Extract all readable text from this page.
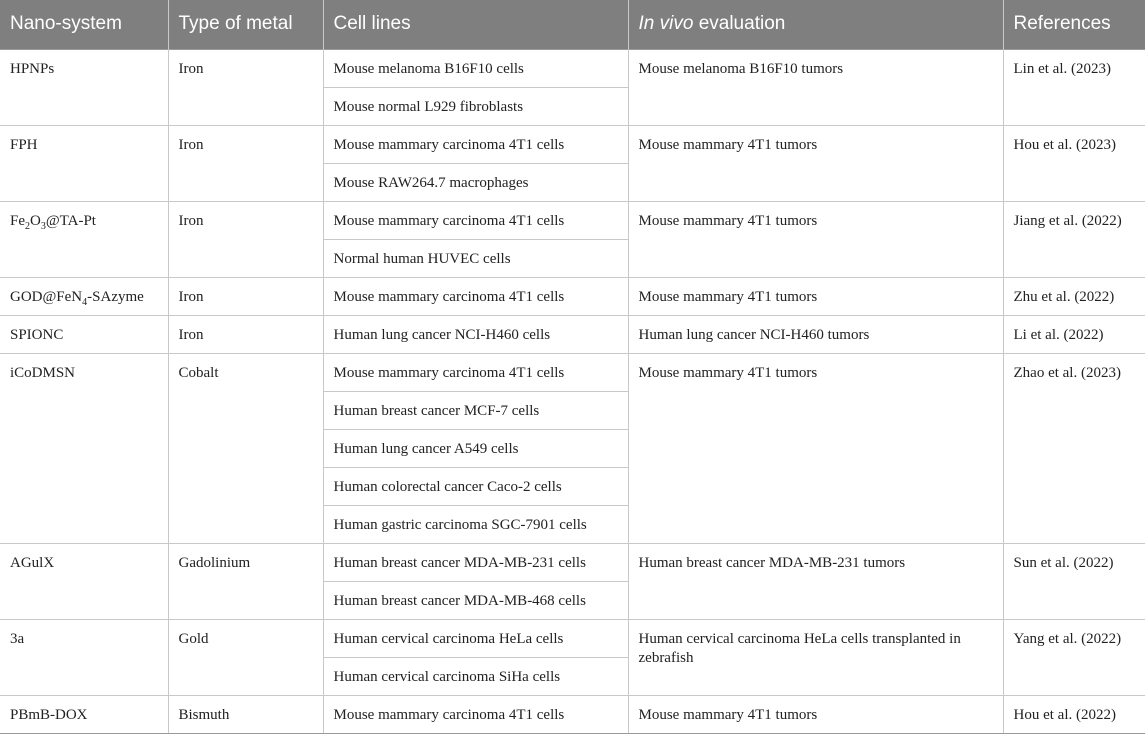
Nano-system	Type of metal	Cell lines	In vivo evaluation	References
HPNPs	Iron	Mouse melanoma B16F10 cells	Mouse melanoma B16F10 tumors	Lin et al. (2023)
		Mouse normal L929 fibroblasts		
FPH	Iron	Mouse mammary carcinoma 4T1 cells	Mouse mammary 4T1 tumors	Hou et al. (2023)
		Mouse RAW264.7 macrophages		
$Fe_2O_3@TA-Pt$	Iron	Mouse mammary carcinoma 4T1 cells	Mouse mammary 4T1 tumors	Jiang et al. (2022)
		Normal human HUVEC cells		
GOD@FeN$_4$-SAzyme	Iron	Mouse mammary carcinoma 4T1 cells	Mouse mammary 4T1 tumors	Zhu et al. (2022)
SPIONC	Iron	Human lung cancer NCI-H460 cells	Human lung cancer NCI-H460 tumors	Li et al. (2022)
iCoDMSN	Cobalt	Mouse mammary carcinoma 4T1 cells	Mouse mammary 4T1 tumors	Zhao et al. (2023)
		Human breast cancer MCF-7 cells		
		Human lung cancer A549 cells		
		Human colorectal cancer Caco-2 cells		
		Human gastric carcinoma SGC-7901 cells		
AGulX	Gadolinium	Human breast cancer MDA-MB-231 cells	Human breast cancer MDA-MB-231 tumors	Sun et al. (2022)
		Human breast cancer MDA-MB-468 cells		
3a	Gold	Human cervical carcinoma HeLa cells	Human cervical carcinoma HeLa cells transplanted in zebrafish	Yang et al. (2022)
		Human cervical carcinoma SiHa cells		
PBmB-DOX	Bismuth	Mouse mammary carcinoma 4T1 cells	Mouse mammary 4T1 tumors	Hou et al. (2022)
